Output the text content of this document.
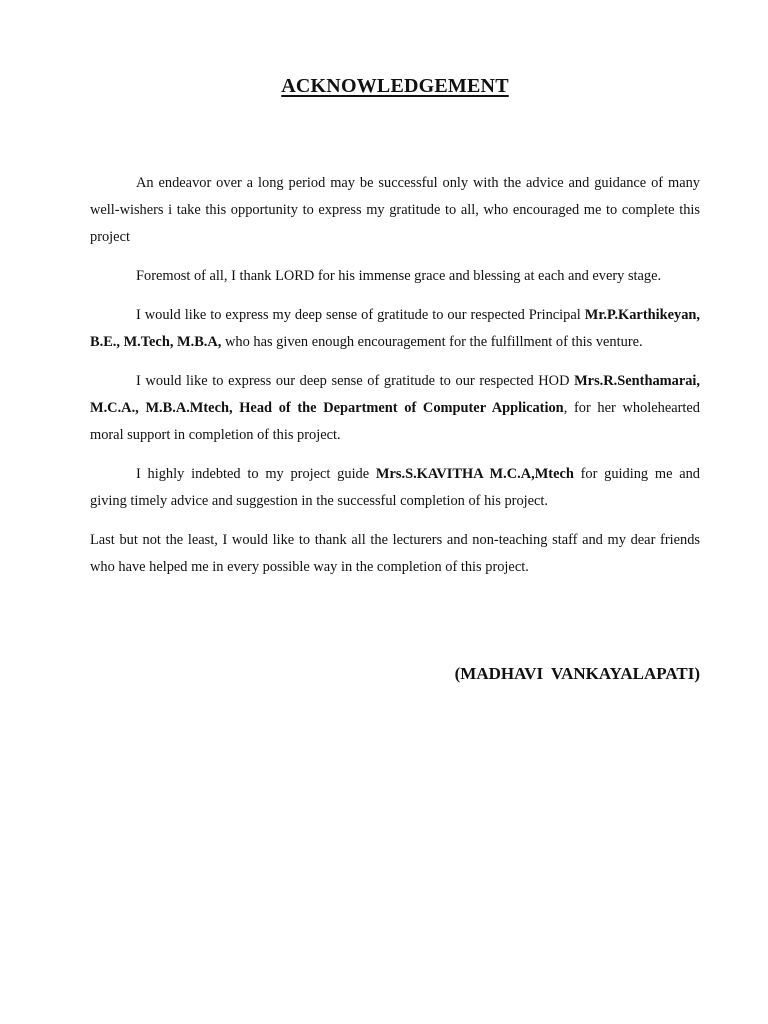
ACKNOWLEDGEMENT

An endeavor over a long period may be successful only with the advice and guidance of many well-wishers i take this opportunity to express my gratitude to all, who encouraged me to complete this project

Foremost of all, I thank LORD for his immense grace and blessing at each and every stage.

I would like to express my deep sense of gratitude to our respected Principal Mr.P.Karthikeyan, B.E., M.Tech, M.B.A, who has given enough encouragement for the fulfillment of this venture.

I would like to express our deep sense of gratitude to our respected HOD Mrs.R.Senthamarai, M.C.A., M.B.A.Mtech, Head of the Department of Computer Application, for her wholehearted moral support in completion of this project.

I highly indebted to my project guide Mrs.S.KAVITHA M.C.A,Mtech for guiding me and giving timely advice and suggestion in the successful completion of his project.

Last but not the least, I would like to thank all the lecturers and non-teaching staff and my dear friends who have helped me in every possible way in the completion of this project.

(MADHAVI VANKAYALAPATI)
